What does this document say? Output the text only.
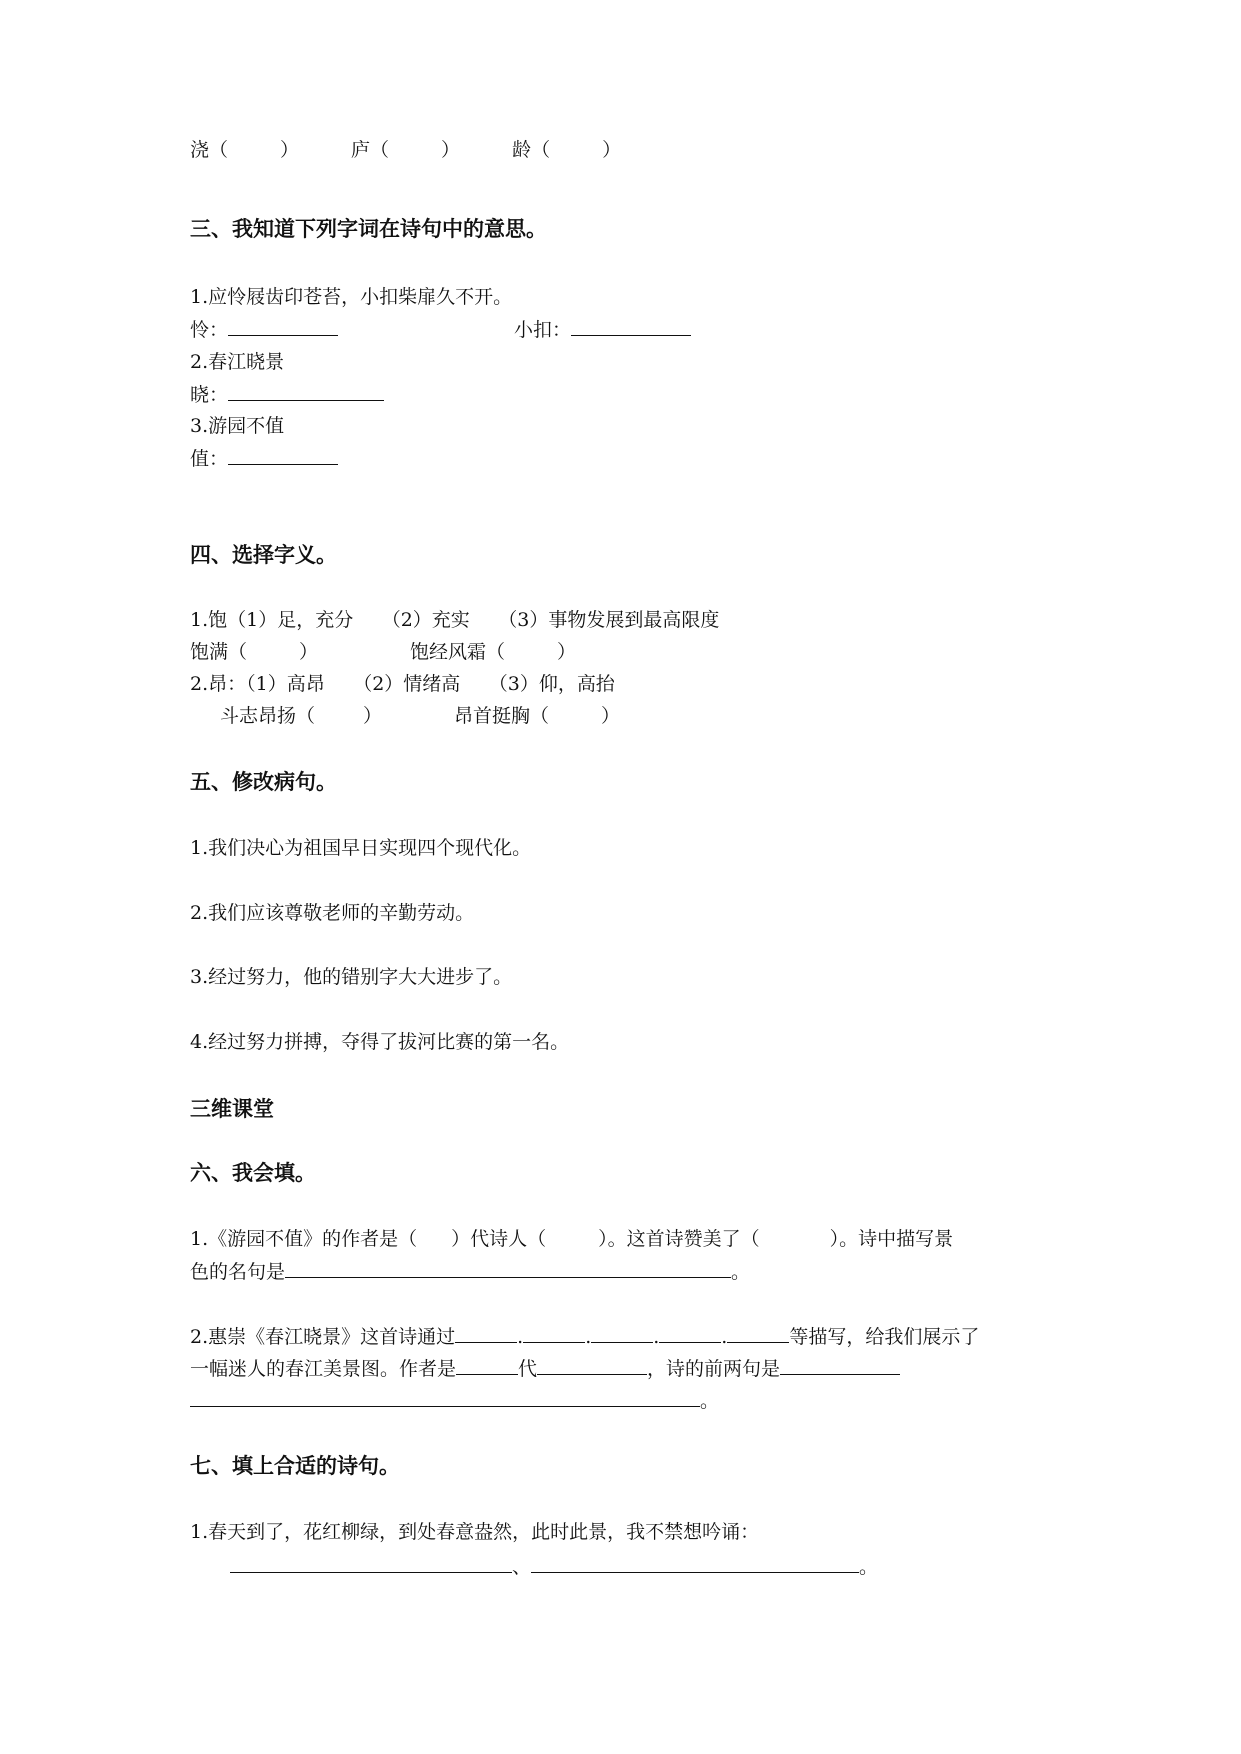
浇（	）	庐（	）	龄（	）
三、我知道下列字词在诗句中的意思。
1.应怜屐齿印苍苔，小扣柴扉久不开。
怜：	小扣：
2.春江晓景
晓：
3.游园不值
值：
四、选择字义。
1.饱（1）足，充分　　（2）充实　　（3）事物发展到最高限度
饱满（	）	饱经风霜（	）
2.昂：（1）高昂　　（2）情绪高　　（3）仰，高抬
斗志昂扬（	）	昂首挺胸（	）
五、修改病句。
1.我们决心为祖国早日实现四个现代化。
2.我们应该尊敬老师的辛勤劳动。
3.经过努力，他的错别字大大进步了。
4.经过努力拼搏，夺得了拔河比赛的第一名。
三维课堂
六、我会填。
1.《游园不值》的作者是（ ）代诗人（	）。这首诗赞美了（	）。诗中描写景
色的名句是	。
2.惠崇《春江晓景》这首诗通过	.	.	.	.	等描写，给我们展示了
一幅迷人的春江美景图。作者是	代	，诗的前两句是
。
七、填上合适的诗句。
1.春天到了，花红柳绿，到处春意盎然，此时此景，我不禁想吟诵：
、	。
